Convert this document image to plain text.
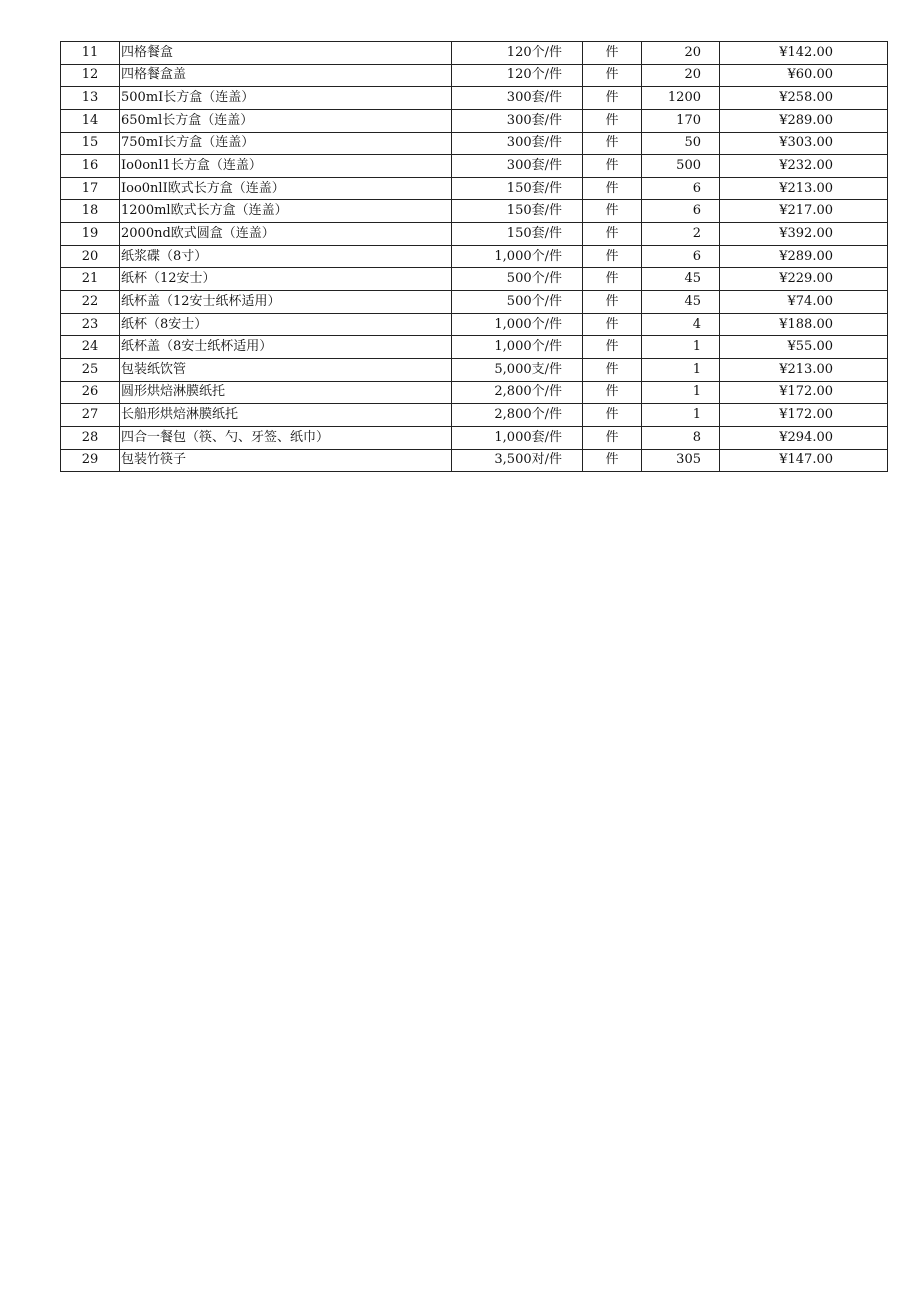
11	四格餐盒	120个/件	件	20	¥142.00
12	四格餐盒盖	120个/件	件	20	¥60.00
13	500mI长方盒（连盖）	300套/件	件	1200	¥258.00
14	650ml长方盒（连盖）	300套/件	件	170	¥289.00
15	750mI长方盒（连盖）	300套/件	件	50	¥303.00
16	Io0onl1长方盒（连盖）	300套/件	件	500	¥232.00
17	Ioo0nlI欧式长方盒（连盖）	150套/件	件	6	¥213.00
18	1200ml欧式长方盒（连盖）	150套/件	件	6	¥217.00
19	2000nd欧式圆盒（连盖）	150套/件	件	2	¥392.00
20	纸浆碟（8寸）	1,000个/件	件	6	¥289.00
21	纸杯（12安士）	500个/件	件	45	¥229.00
22	纸杯盖（12安士纸杯适用）	500个/件	件	45	¥74.00
23	纸杯（8安士）	1,000个/件	件	4	¥188.00
24	纸杯盖（8安士纸杯适用）	1,000个/件	件	1	¥55.00
25	包装纸饮管	5,000支/件	件	1	¥213.00
26	圆形烘焙淋膜纸托	2,800个/件	件	1	¥172.00
27	长船形烘焙淋膜纸托	2,800个/件	件	1	¥172.00
28	四合一餐包（筷、勺、牙签、纸巾）	1,000套/件	件	8	¥294.00
29	包装竹筷子	3,500对/件	件	305	¥147.00
